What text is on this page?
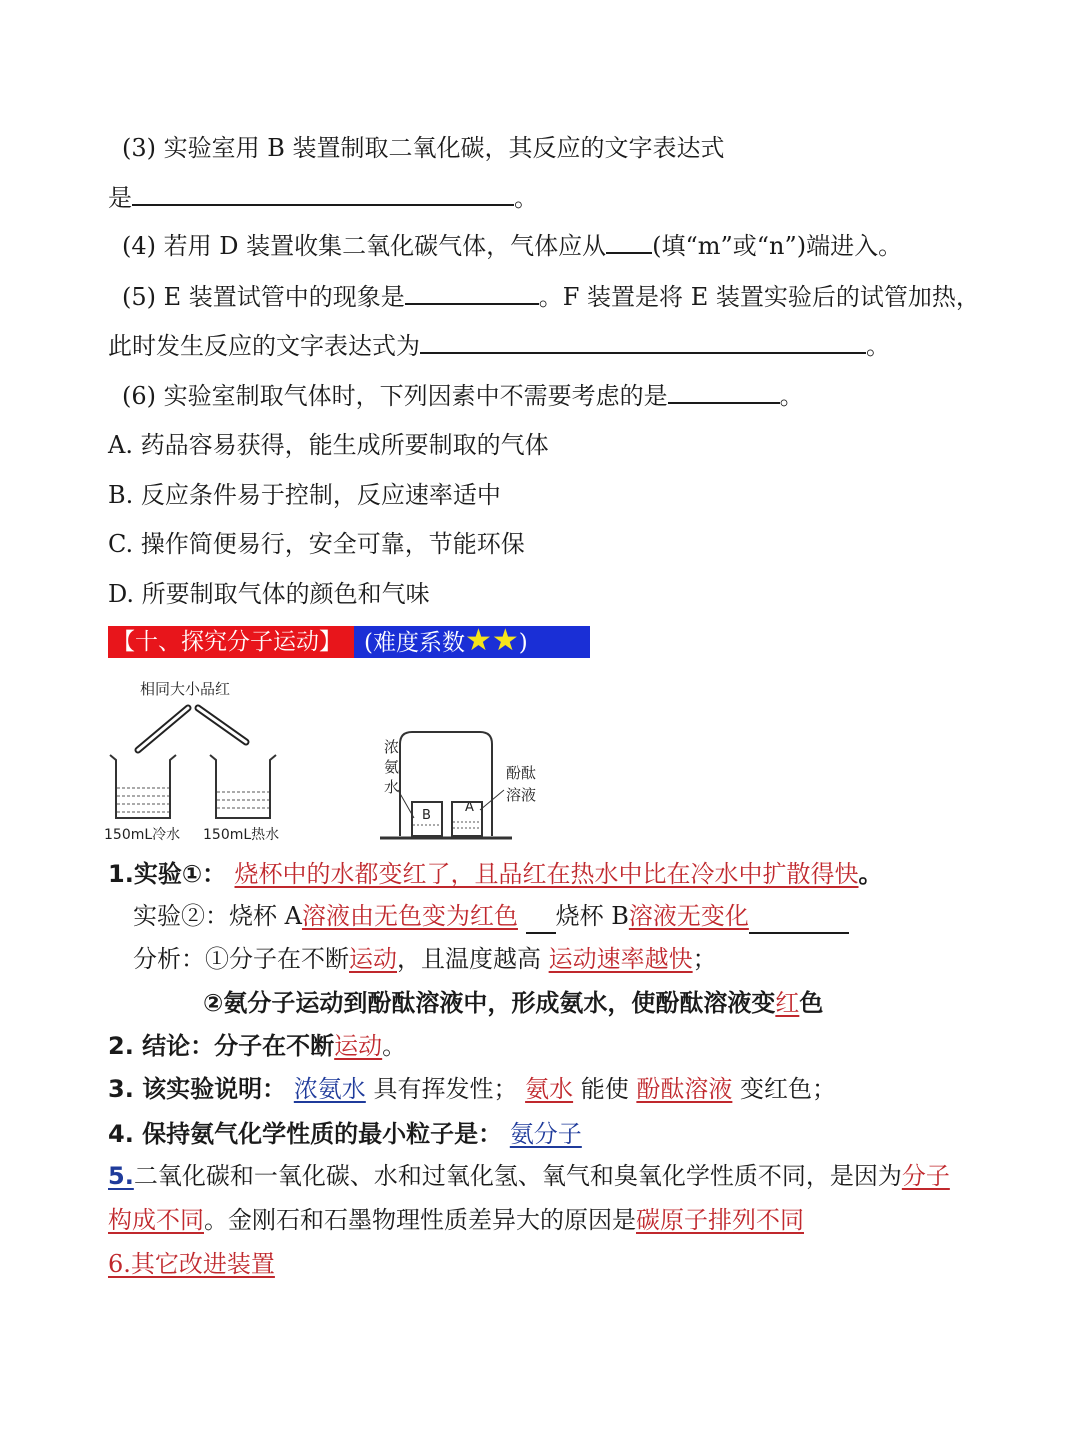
(3) 实验室用 B 装置制取二氧化碳，其反应的文字表达式
是	。
(4) 若用 D 装置收集二氧化碳气体，气体应从 (填“m”或“n”)端进入。
(5) E 装置试管中的现象是	。F 装置是将 E 装置实验后的试管加热，
此时发生反应的文字表达式为	。
(6) 实验室制取气体时，下列因素中不需要考虑的是	。
A. 药品容易获得，能生成所要制取的气体
B. 反应条件易于控制，反应速率适中
C. 操作简便易行，安全可靠，节能环保
D. 所要制取气体的颜色和气味
【十、探究分子运动】 (难度系数★★)
相同大小品红
150mL冷水 150mL热水
浓
氨
水
酚酞
溶液
B
A
1.实验①： 烧杯中的水都变红了，且品红在热水中比在冷水中扩散得快。
实验②：烧杯 A溶液由无色变为红色 烧杯 B溶液无变化
分析：①分子在不断运动，且温度越高 运动速率越快；
②氨分子运动到酚酞溶液中，形成氨水，使酚酞溶液变红色
2. 结论：分子在不断运动。
3. 该实验说明： 浓氨水 具有挥发性； 氨水 能使 酚酞溶液 变红色；
4. 保持氨气化学性质的最小粒子是： 氨分子
5.二氧化碳和一氧化碳、水和过氧化氢、氧气和臭氧化学性质不同，是因为分子
构成不同。金刚石和石墨物理性质差异大的原因是碳原子排列不同
6.其它改进装置
